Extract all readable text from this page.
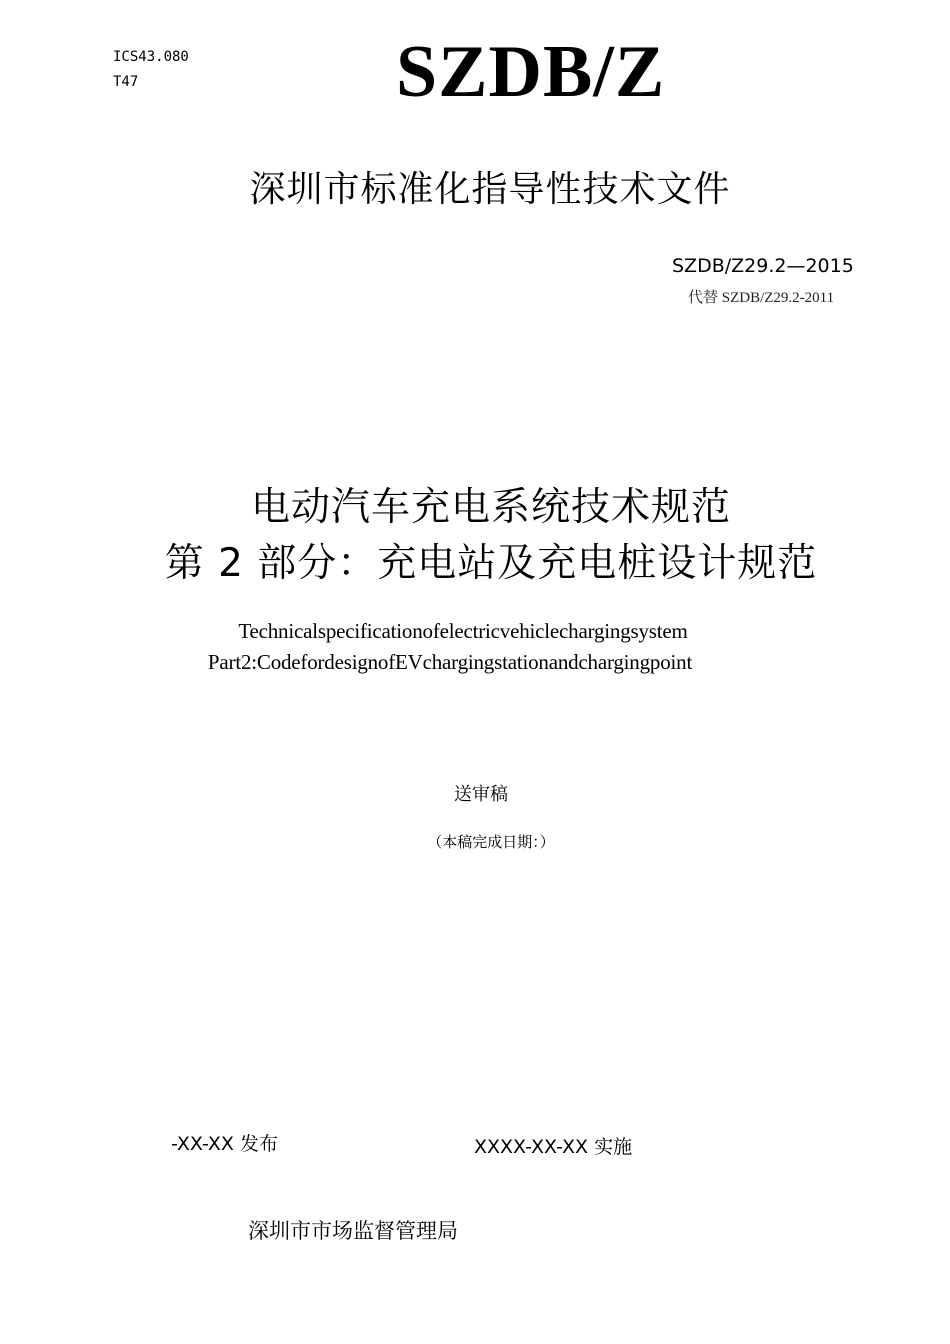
ICS43.080
T47	SZDB/Z
深圳市标准化指导性技术文件
SZDB/Z29.2—2015
代替 SZDB/Z29.2-2011
电动汽车充电系统技术规范
第 2 部分：充电站及充电桩设计规范
Technicalspecificationofelectricvehiclechargingsystem
Part2:CodefordesignofEVchargingstationandchargingpoint
送审稿
（本稿完成日期：）
-XX-XX 发布	XXXX-XX-XX 实施
深圳市市场监督管理局
